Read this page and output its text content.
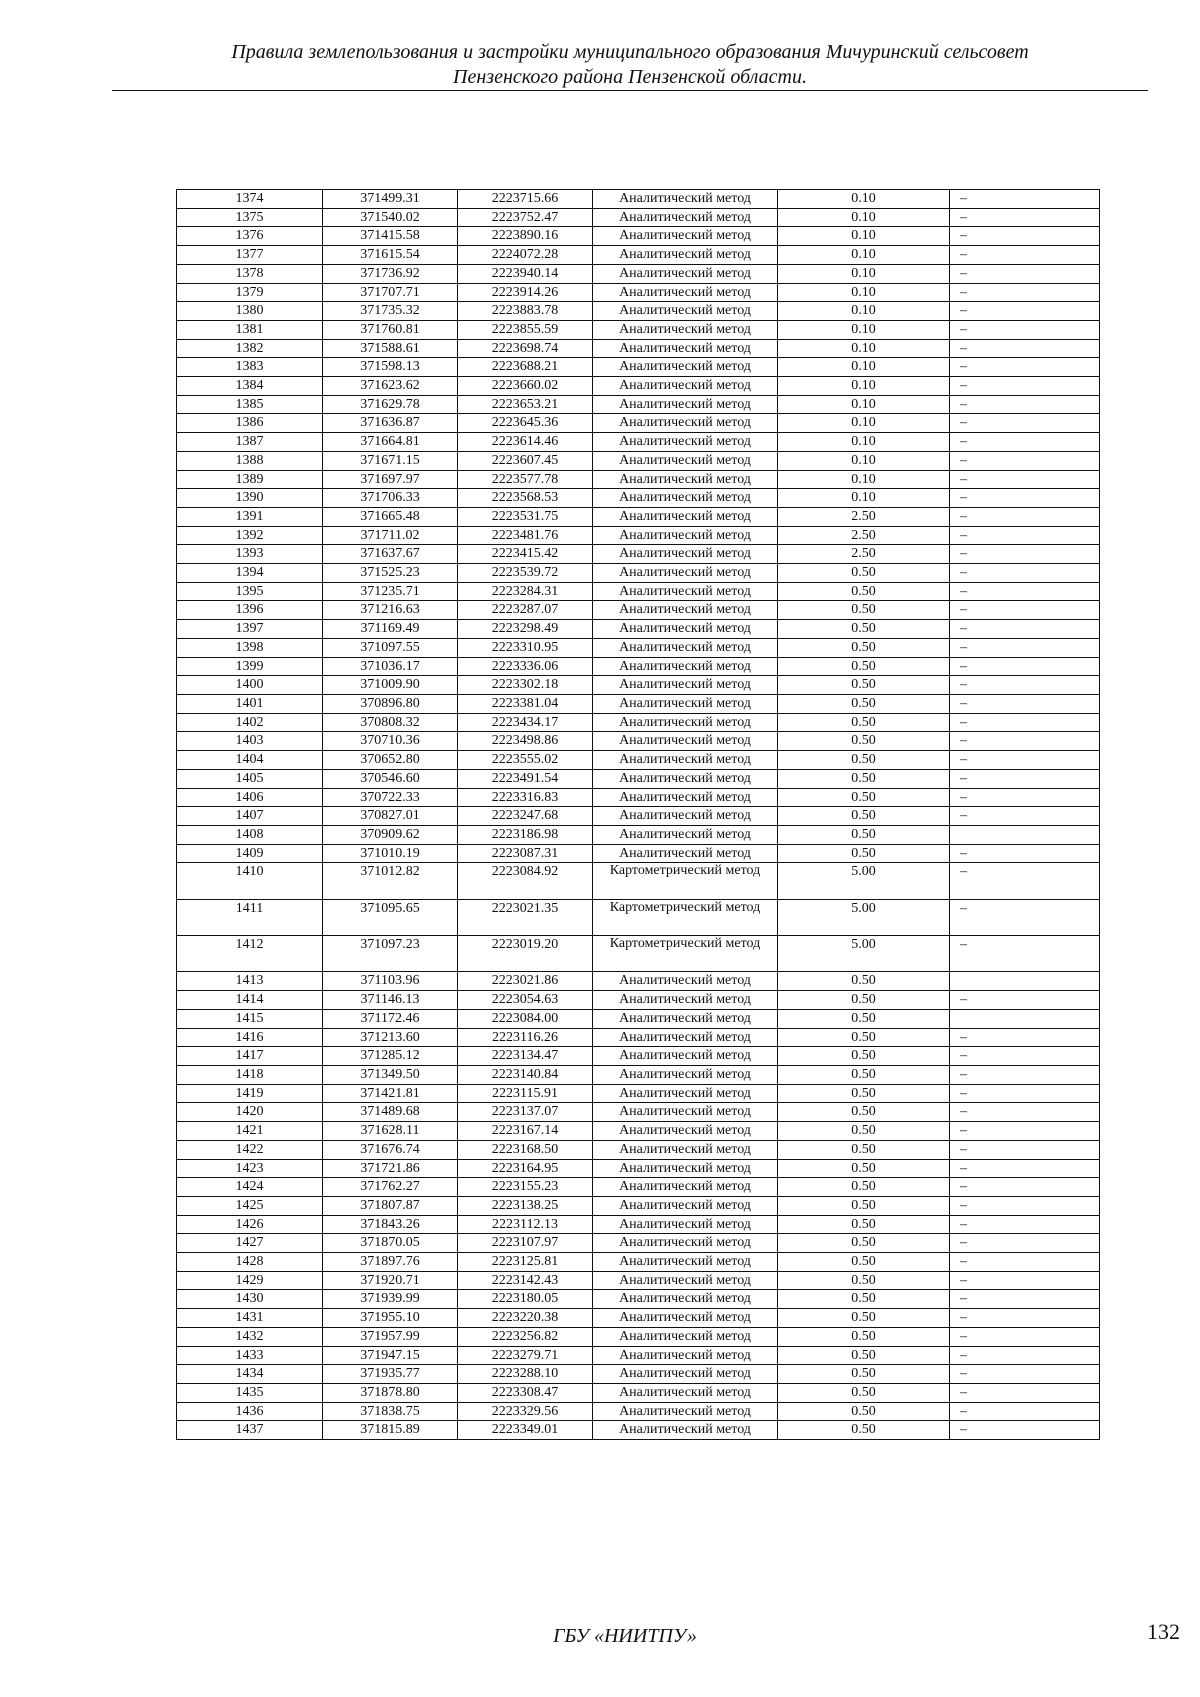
Правила землепользования и застройки муниципального образования Мичуринский сельсовет
Пензенского района Пензенской области.
1374	371499.31	2223715.66	Аналитический метод	0.10	–
1375	371540.02	2223752.47	Аналитический метод	0.10	–
1376	371415.58	2223890.16	Аналитический метод	0.10	–
1377	371615.54	2224072.28	Аналитический метод	0.10	–
1378	371736.92	2223940.14	Аналитический метод	0.10	–
1379	371707.71	2223914.26	Аналитический метод	0.10	–
1380	371735.32	2223883.78	Аналитический метод	0.10	–
1381	371760.81	2223855.59	Аналитический метод	0.10	–
1382	371588.61	2223698.74	Аналитический метод	0.10	–
1383	371598.13	2223688.21	Аналитический метод	0.10	–
1384	371623.62	2223660.02	Аналитический метод	0.10	–
1385	371629.78	2223653.21	Аналитический метод	0.10	–
1386	371636.87	2223645.36	Аналитический метод	0.10	–
1387	371664.81	2223614.46	Аналитический метод	0.10	–
1388	371671.15	2223607.45	Аналитический метод	0.10	–
1389	371697.97	2223577.78	Аналитический метод	0.10	–
1390	371706.33	2223568.53	Аналитический метод	0.10	–
1391	371665.48	2223531.75	Аналитический метод	2.50	–
1392	371711.02	2223481.76	Аналитический метод	2.50	–
1393	371637.67	2223415.42	Аналитический метод	2.50	–
1394	371525.23	2223539.72	Аналитический метод	0.50	–
1395	371235.71	2223284.31	Аналитический метод	0.50	–
1396	371216.63	2223287.07	Аналитический метод	0.50	–
1397	371169.49	2223298.49	Аналитический метод	0.50	–
1398	371097.55	2223310.95	Аналитический метод	0.50	–
1399	371036.17	2223336.06	Аналитический метод	0.50	–
1400	371009.90	2223302.18	Аналитический метод	0.50	–
1401	370896.80	2223381.04	Аналитический метод	0.50	–
1402	370808.32	2223434.17	Аналитический метод	0.50	–
1403	370710.36	2223498.86	Аналитический метод	0.50	–
1404	370652.80	2223555.02	Аналитический метод	0.50	–
1405	370546.60	2223491.54	Аналитический метод	0.50	–
1406	370722.33	2223316.83	Аналитический метод	0.50	–
1407	370827.01	2223247.68	Аналитический метод	0.50	–
1408	370909.62	2223186.98	Аналитический метод	0.50	
1409	371010.19	2223087.31	Аналитический метод	0.50	–
1410	371012.82	2223084.92	Картометрический метод	5.00	–
1411	371095.65	2223021.35	Картометрический метод	5.00	–
1412	371097.23	2223019.20	Картометрический метод	5.00	–
1413	371103.96	2223021.86	Аналитический метод	0.50	
1414	371146.13	2223054.63	Аналитический метод	0.50	–
1415	371172.46	2223084.00	Аналитический метод	0.50	
1416	371213.60	2223116.26	Аналитический метод	0.50	–
1417	371285.12	2223134.47	Аналитический метод	0.50	–
1418	371349.50	2223140.84	Аналитический метод	0.50	–
1419	371421.81	2223115.91	Аналитический метод	0.50	–
1420	371489.68	2223137.07	Аналитический метод	0.50	–
1421	371628.11	2223167.14	Аналитический метод	0.50	–
1422	371676.74	2223168.50	Аналитический метод	0.50	–
1423	371721.86	2223164.95	Аналитический метод	0.50	–
1424	371762.27	2223155.23	Аналитический метод	0.50	–
1425	371807.87	2223138.25	Аналитический метод	0.50	–
1426	371843.26	2223112.13	Аналитический метод	0.50	–
1427	371870.05	2223107.97	Аналитический метод	0.50	–
1428	371897.76	2223125.81	Аналитический метод	0.50	–
1429	371920.71	2223142.43	Аналитический метод	0.50	–
1430	371939.99	2223180.05	Аналитический метод	0.50	–
1431	371955.10	2223220.38	Аналитический метод	0.50	–
1432	371957.99	2223256.82	Аналитический метод	0.50	–
1433	371947.15	2223279.71	Аналитический метод	0.50	–
1434	371935.77	2223288.10	Аналитический метод	0.50	–
1435	371878.80	2223308.47	Аналитический метод	0.50	–
1436	371838.75	2223329.56	Аналитический метод	0.50	–
1437	371815.89	2223349.01	Аналитический метод	0.50	–
ГБУ «НИИТПУ»	132
